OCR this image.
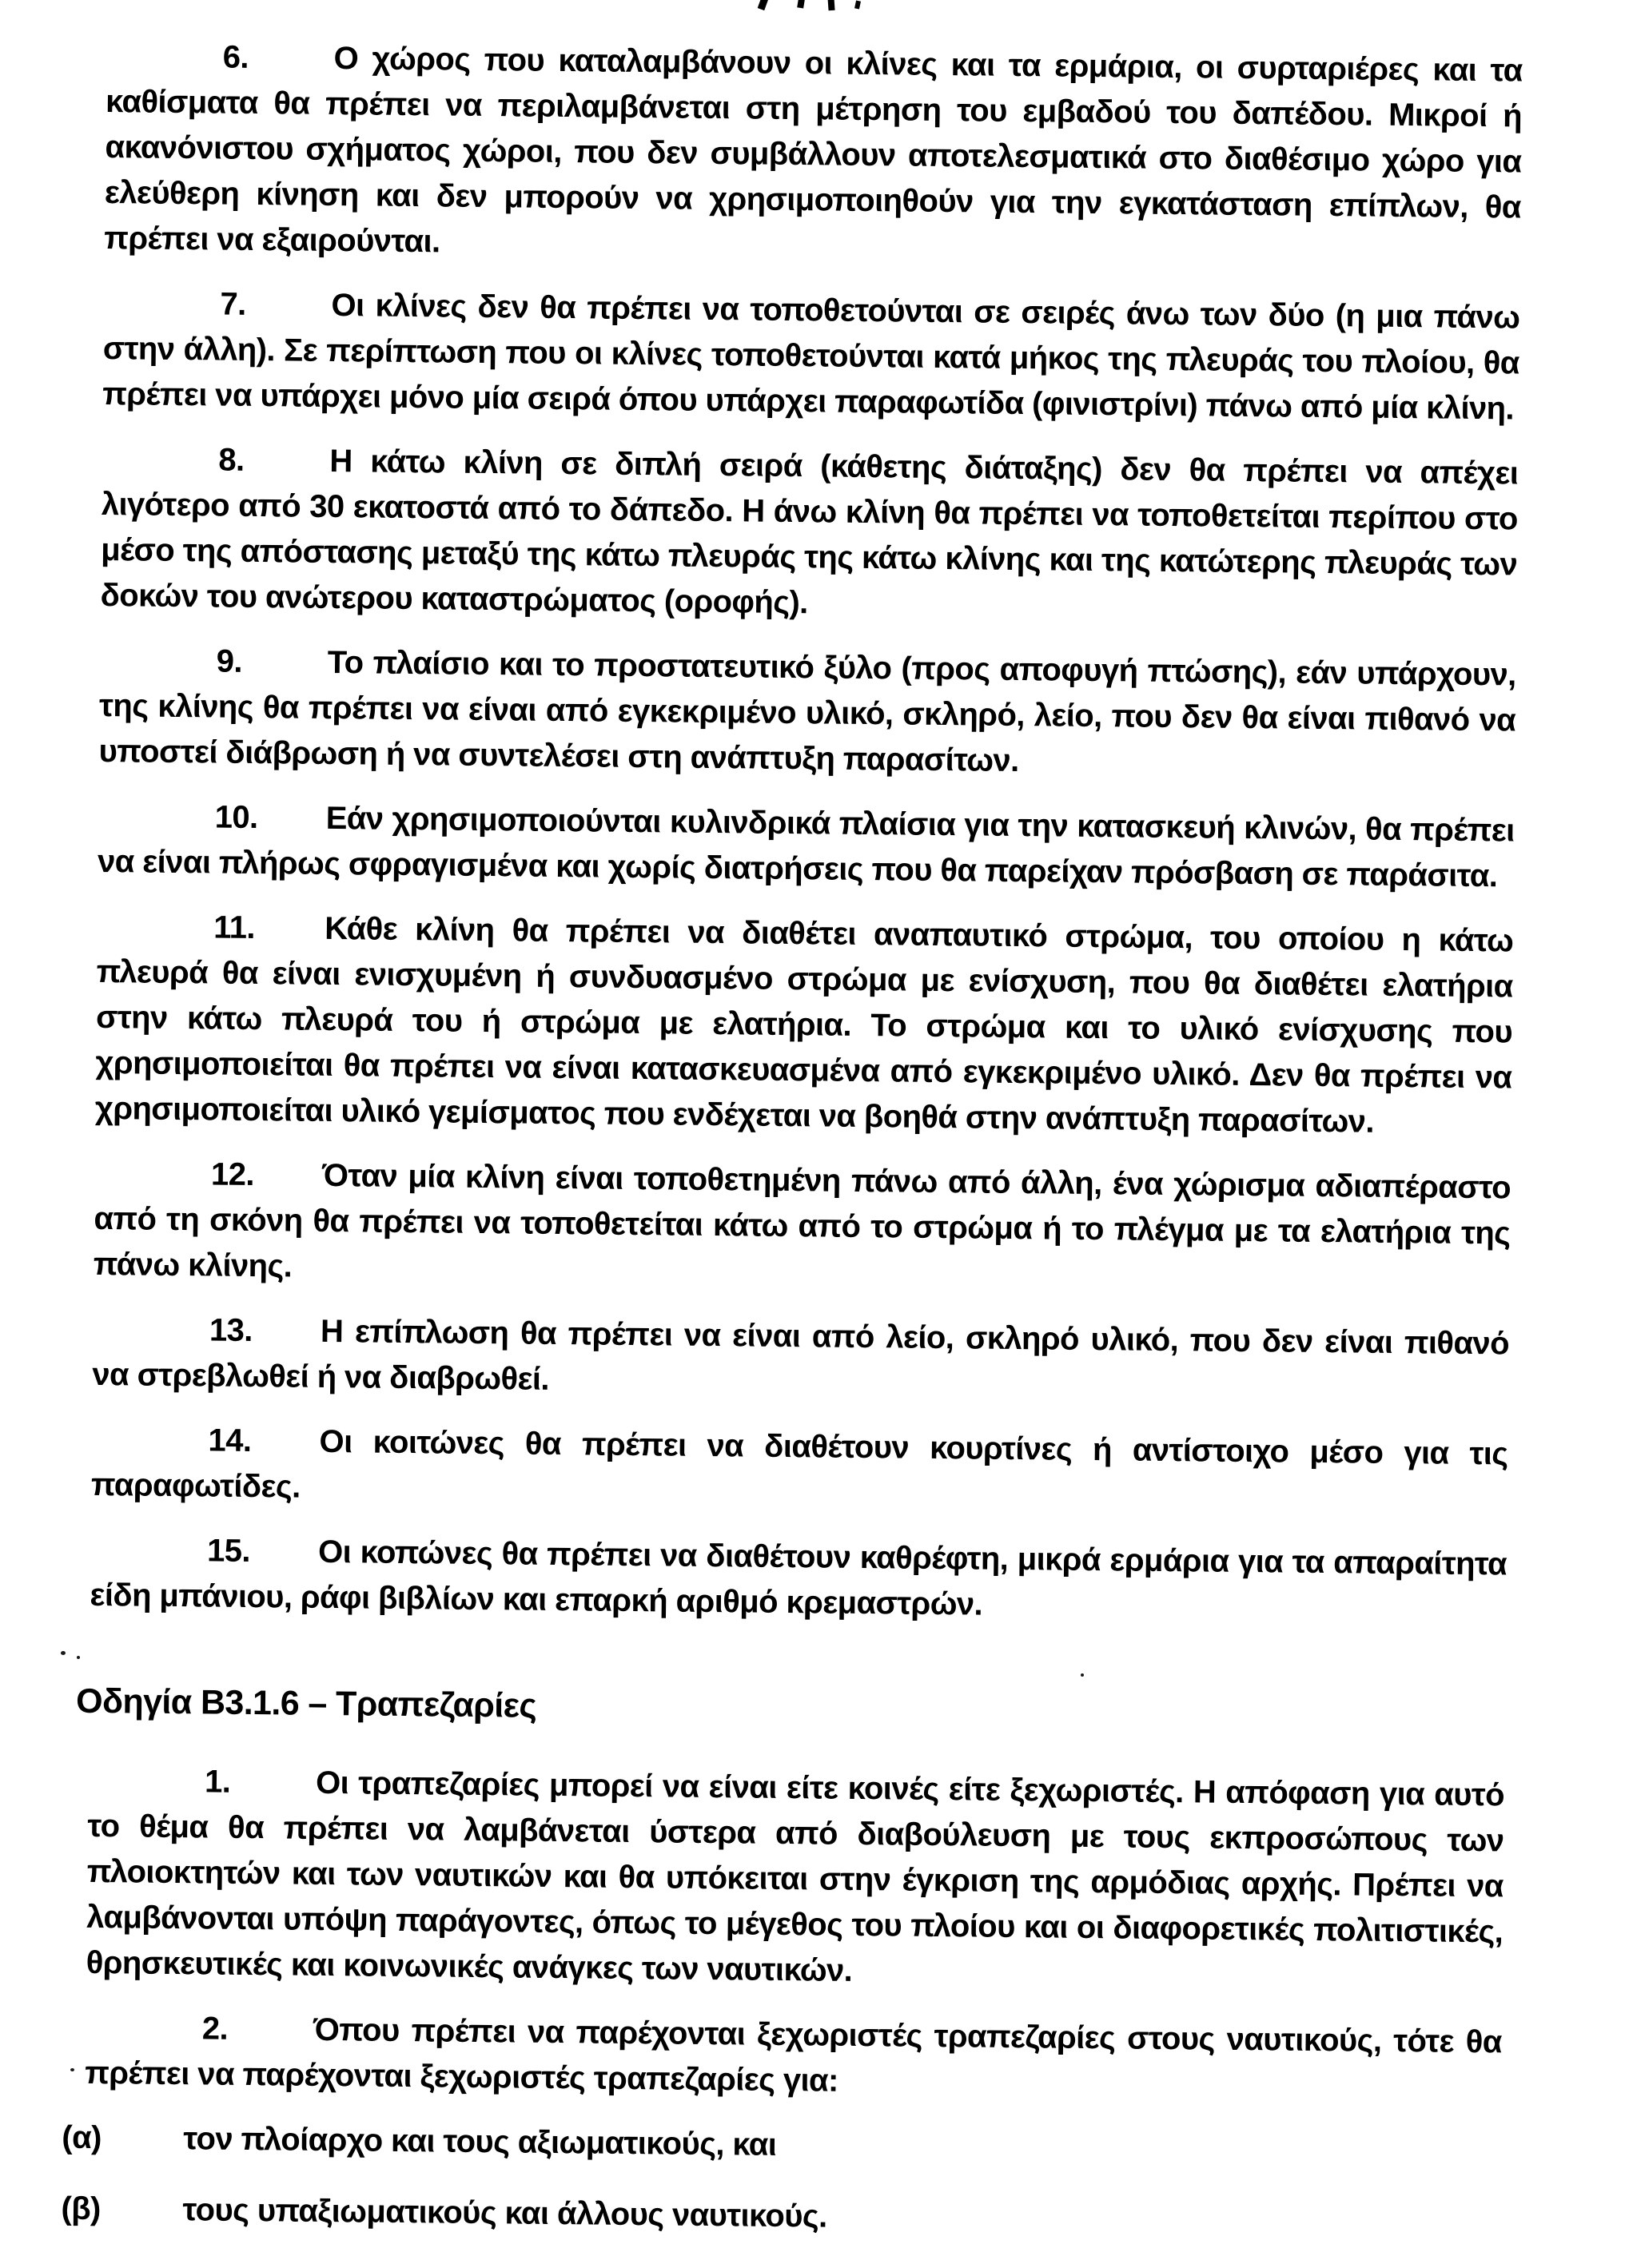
6.	Ο χώρος που καταλαμβάνουν οι κλίνες και τα ερμάρια, οι συρταριέρες και τα καθίσματα θα πρέπει να περιλαμβάνεται στη μέτρηση του εμβαδού του δαπέδου. Μικροί ή ακανόνιστου σχήματος χώροι, που δεν συμβάλλουν αποτελεσματικά στο διαθέσιμο χώρο για ελεύθερη κίνηση και δεν μπορούν να χρησιμοποιηθούν για την εγκατάσταση επίπλων, θα πρέπει να εξαιρούνται.

7.	Οι κλίνες δεν θα πρέπει να τοποθετούνται σε σειρές άνω των δύο (η μια πάνω στην άλλη). Σε περίπτωση που οι κλίνες τοποθετούνται κατά μήκος της πλευράς του πλοίου, θα πρέπει να υπάρχει μόνο μία σειρά όπου υπάρχει παραφωτίδα (φινιστρίνι) πάνω από μία κλίνη.

8.	Η κάτω κλίνη σε διπλή σειρά (κάθετης διάταξης) δεν θα πρέπει να απέχει λιγότερο από 30 εκατοστά από το δάπεδο. Η άνω κλίνη θα πρέπει να τοποθετείται περίπου στο μέσο της απόστασης μεταξύ της κάτω πλευράς της κάτω κλίνης και της κατώτερης πλευράς των δοκών του ανώτερου καταστρώματος (οροφής).

9.	Το πλαίσιο και το προστατευτικό ξύλο (προς αποφυγή πτώσης), εάν υπάρχουν, της κλίνης θα πρέπει να είναι από εγκεκριμένο υλικό, σκληρό, λείο, που δεν θα είναι πιθανό να υποστεί διάβρωση ή να συντελέσει στη ανάπτυξη παρασίτων.

10. Εάν χρησιμοποιούνται κυλινδρικά πλαίσια για την κατασκευή κλινών, θα πρέπει να είναι πλήρως σφραγισμένα και χωρίς διατρήσεις που θα παρείχαν πρόσβαση σε παράσιτα.

11. Κάθε κλίνη θα πρέπει να διαθέτει αναπαυτικό στρώμα, του οποίου η κάτω πλευρά θα είναι ενισχυμένη ή συνδυασμένο στρώμα με ενίσχυση, που θα διαθέτει ελατήρια στην κάτω πλευρά του ή στρώμα με ελατήρια. Το στρώμα και το υλικό ενίσχυσης που χρησιμοποιείται θα πρέπει να είναι κατασκευασμένα από εγκεκριμένο υλικό. Δεν θα πρέπει να χρησιμοποιείται υλικό γεμίσματος που ενδέχεται να βοηθά στην ανάπτυξη παρασίτων.

12. Όταν μία κλίνη είναι τοποθετημένη πάνω από άλλη, ένα χώρισμα αδιαπέραστο από τη σκόνη θα πρέπει να τοποθετείται κάτω από το στρώμα ή το πλέγμα με τα ελατήρια της πάνω κλίνης.

13. Η επίπλωση θα πρέπει να είναι από λείο, σκληρό υλικό, που δεν είναι πιθανό να στρεβλωθεί ή να διαβρωθεί.

14. Οι κοιτώνες θα πρέπει να διαθέτουν κουρτίνες ή αντίστοιχο μέσο για τις παραφωτίδες.

15. Οι κοπώνες θα πρέπει να διαθέτουν καθρέφτη, μικρά ερμάρια για τα απαραίτητα είδη μπάνιου, ράφι βιβλίων και επαρκή αριθμό κρεμαστρών.

Οδηγία Β3.1.6 – Τραπεζαρίες

1.	Οι τραπεζαρίες μπορεί να είναι είτε κοινές είτε ξεχωριστές. Η απόφαση για αυτό το θέμα θα πρέπει να λαμβάνεται ύστερα από διαβούλευση με τους εκπροσώπους των πλοιοκτητών και των ναυτικών και θα υπόκειται στην έγκριση της αρμόδιας αρχής. Πρέπει να λαμβάνονται υπόψη παράγοντες, όπως το μέγεθος του πλοίου και οι διαφορετικές πολιτιστικές, θρησκευτικές και κοινωνικές ανάγκες των ναυτικών.

2.	Όπου πρέπει να παρέχονται ξεχωριστές τραπεζαρίες στους ναυτικούς, τότε θα πρέπει να παρέχονται ξεχωριστές τραπεζαρίες για:

(α)	τον πλοίαρχο και τους αξιωματικούς, και

(β)	τους υπαξιωματικούς και άλλους ναυτικούς.
